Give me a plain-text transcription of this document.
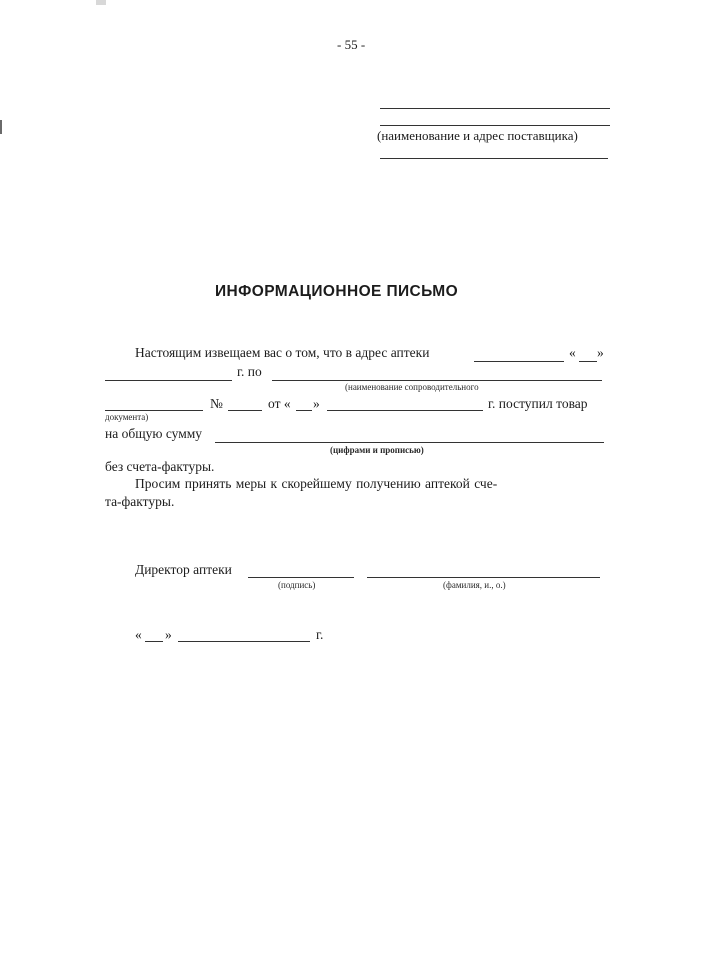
- 55 -
(наименование и адрес поставщика)
ИНФОРМАЦИОННОЕ ПИСЬМО
Настоящим извещаем вас о том, что в адрес аптеки	« »
г. по
(наименование сопроводительного
документа)
№	от « »	г. поступил товар
на общую сумму
(цифрами и прописью)
без счета-фактуры.
Просим принять меры к скорейшему получению аптекой сче-
та-фактуры.
Директор аптеки
(подпись)	(фамилия, и., о.)
« »	г.
